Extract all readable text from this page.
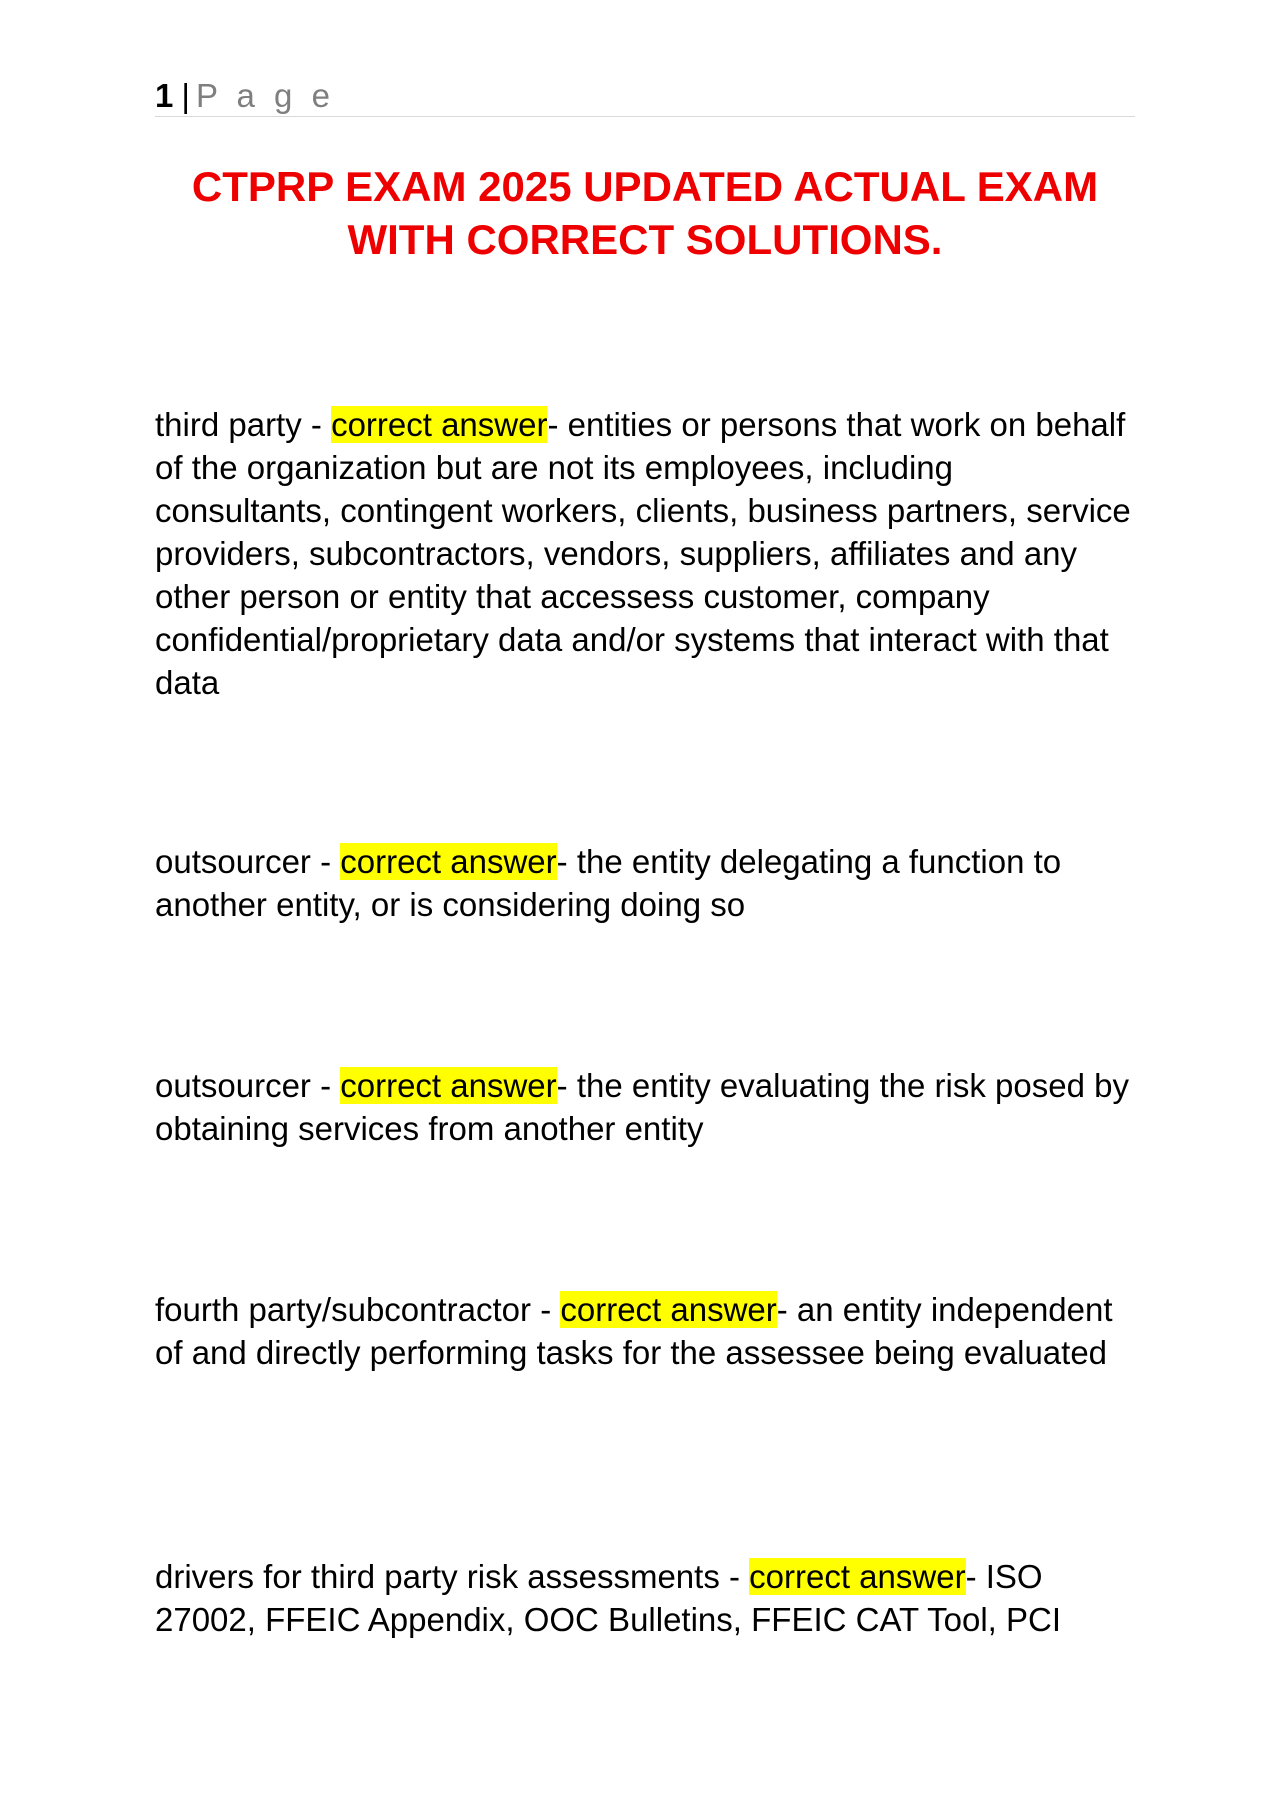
1 | P a g e
CTPRP EXAM 2025 UPDATED ACTUAL EXAM
WITH CORRECT SOLUTIONS.
third party - correct answer- entities or persons that work on behalf of the organization but are not its employees, including consultants, contingent workers, clients, business partners, service providers, subcontractors, vendors, suppliers, affiliates and any other person or entity that accessess customer, company confidential/proprietary data and/or systems that interact with that data
outsourcer - correct answer- the entity delegating a function to another entity, or is considering doing so
outsourcer - correct answer- the entity evaluating the risk posed by obtaining services from another entity
fourth party/subcontractor - correct answer- an entity independent of and directly performing tasks for the assessee being evaluated
drivers for third party risk assessments - correct answer- ISO 27002, FFEIC Appendix, OOC Bulletins, FFEIC CAT Tool, PCI
